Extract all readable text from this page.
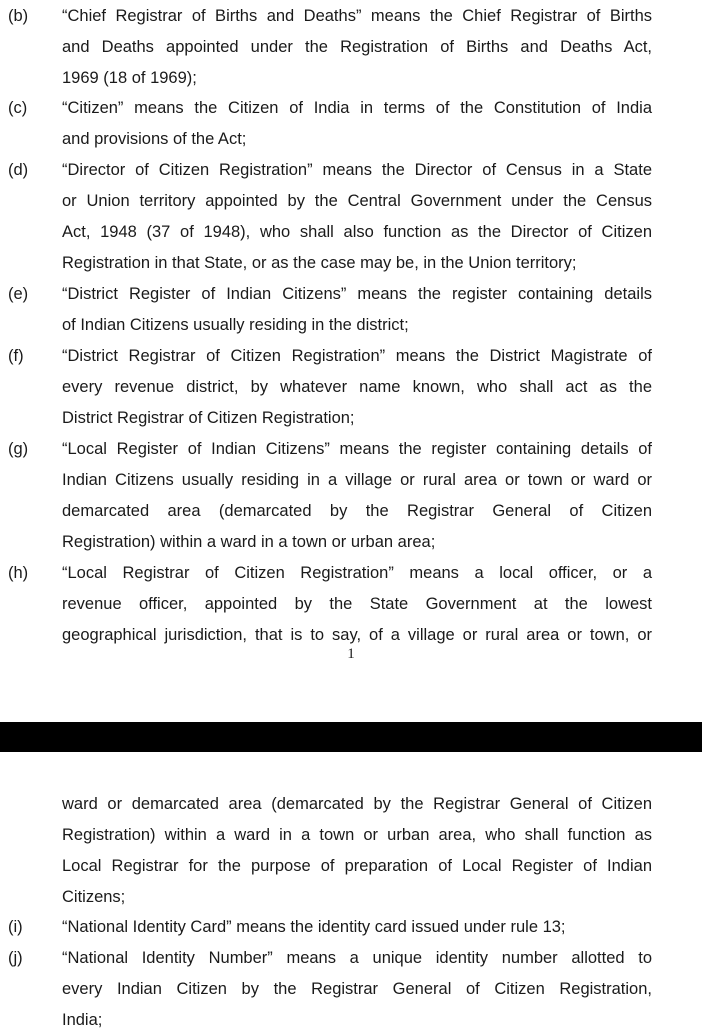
(b) “Chief Registrar of Births and Deaths” means the Chief Registrar of Births
and Deaths appointed under the Registration of Births and Deaths Act,
1969 (18 of 1969);
(c) “Citizen” means the Citizen of India in terms of the Constitution of India
and provisions of the Act;
(d) “Director of Citizen Registration” means the Director of Census in a State
or Union territory appointed by the Central Government under the Census
Act, 1948 (37 of 1948), who shall also function as the Director of Citizen
Registration in that State, or as the case may be, in the Union territory;
(e) “District Register of Indian Citizens” means the register containing details
of Indian Citizens usually residing in the district;
(f) “District Registrar of Citizen Registration” means the District Magistrate of
every revenue district, by whatever name known, who shall act as the
District Registrar of Citizen Registration;
(g) “Local Register of Indian Citizens” means the register containing details of
Indian Citizens usually residing in a village or rural area or town or ward or
demarcated area (demarcated by the Registrar General of Citizen
Registration) within a ward in a town or urban area;
(h) “Local Registrar of Citizen Registration” means a local officer, or a
revenue officer, appointed by the State Government at the lowest
geographical jurisdiction, that is to say, of a village or rural area or town, or
1
ward or demarcated area (demarcated by the Registrar General of Citizen
Registration) within a ward in a town or urban area, who shall function as
Local Registrar for the purpose of preparation of Local Register of Indian
Citizens;
(i) “National Identity Card” means the identity card issued under rule 13;
(j) “National Identity Number” means a unique identity number allotted to
every Indian Citizen by the Registrar General of Citizen Registration,
India;
